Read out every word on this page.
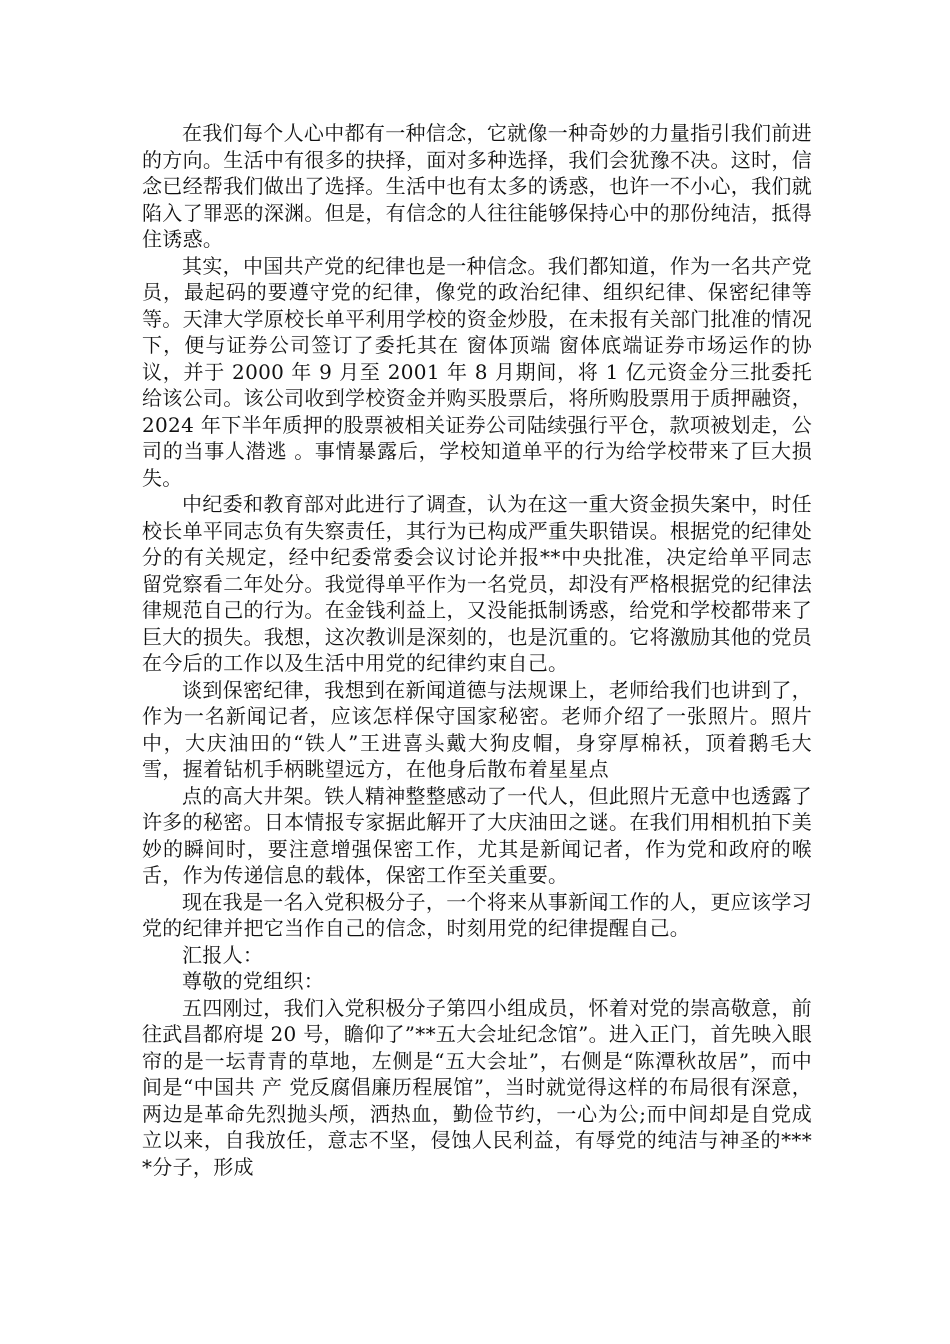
在我们每个人心中都有一种信念，它就像一种奇妙的力量指引我们前进的方向。生活中有很多的抉择，面对多种选择，我们会犹豫不决。这时，信念已经帮我们做出了选择。生活中也有太多的诱惑，也许一不小心，我们就陷入了罪恶的深渊。但是，有信念的人往往能够保持心中的那份纯洁，抵得住诱惑。

其实，中国共产党的纪律也是一种信念。我们都知道，作为一名共产党员，最起码的要遵守党的纪律，像党的政治纪律、组织纪律、保密纪律等等。天津大学原校长单平利用学校的资金炒股，在未报有关部门批准的情况下，便与证券公司签订了委托其在 窗体顶端 窗体底端证券市场运作的协议，并于 2000 年 9 月至 2001 年 8 月期间，将 1 亿元资金分三批委托给该公司。该公司收到学校资金并购买股票后，将所购股票用于质押融资，2024 年下半年质押的股票被相关证券公司陆续强行平仓，款项被划走，公司的当事人潜逃 。事情暴露后，学校知道单平的行为给学校带来了巨大损失。

中纪委和教育部对此进行了调查，认为在这一重大资金损失案中，时任校长单平同志负有失察责任，其行为已构成严重失职错误。根据党的纪律处分的有关规定，经中纪委常委会议讨论并报**中央批准，决定给单平同志留党察看二年处分。我觉得单平作为一名党员，却没有严格根据党的纪律法律规范自己的行为。在金钱利益上，又没能抵制诱惑，给党和学校都带来了巨大的损失。我想，这次教训是深刻的，也是沉重的。它将激励其他的党员在今后的工作以及生活中用党的纪律约束自己。

谈到保密纪律，我想到在新闻道德与法规课上，老师给我们也讲到了，作为一名新闻记者，应该怎样保守国家秘密。老师介绍了一张照片。照片中，大庆油田的“铁人”王进喜头戴大狗皮帽，身穿厚棉袄，顶着鹅毛大雪，握着钻机手柄眺望远方，在他身后散布着星星点

点的高大井架。铁人精神整整感动了一代人，但此照片无意中也透露了许多的秘密。日本情报专家据此解开了大庆油田之谜。在我们用相机拍下美妙的瞬间时，要注意增强保密工作，尤其是新闻记者，作为党和政府的喉舌，作为传递信息的载体，保密工作至关重要。

现在我是一名入党积极分子，一个将来从事新闻工作的人，更应该学习党的纪律并把它当作自己的信念，时刻用党的纪律提醒自己。

汇报人：

尊敬的党组织：

五四刚过，我们入党积极分子第四小组成员，怀着对党的崇高敬意，前往武昌都府堤 20 号，瞻仰了”**五大会址纪念馆”。进入正门，首先映入眼帘的是一坛青青的草地，左侧是“五大会址”，右侧是“陈潭秋故居”，而中间是“中国共 产 党反腐倡廉历程展馆”，当时就觉得这样的布局很有深意，两边是革命先烈抛头颅，洒热血，勤俭节约，一心为公;而中间却是自党成立以来，自我放任，意志不坚，侵蚀人民利益，有辱党的纯洁与神圣的****分子，形成
